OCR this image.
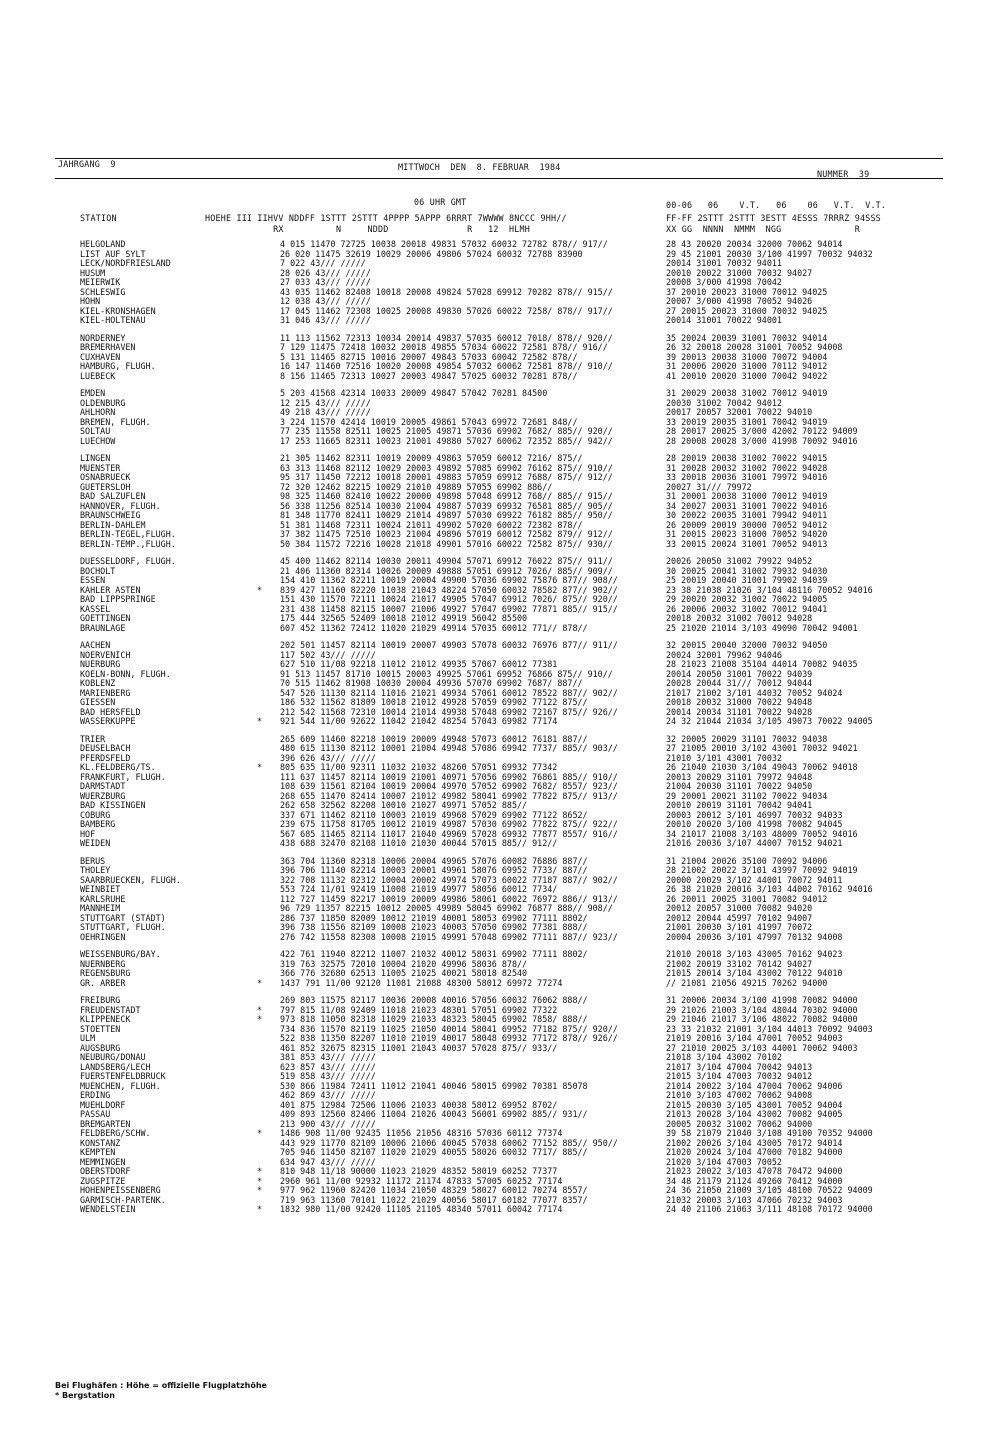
JAHRGANG  9	MITTWOCH  DEN  8. FEBRUAR  1984
NUMMER  39
06 UHR GMT
STATION	HOEHE III IIHVV NDDFF 1STTT 2STTT 4PPPP 5APPP 6RRRT 7WWWW 8NCCC 9HH//
RX          N     NDDD               R   12  HLMH
00-06   06    V.T.   06    06   V.T.  V.T.
FF-FF 2STTT 2STTT 3ESTT 4ESSS 7RRRZ 94SSS
XX GG  NNNN  NMMM  NGG              R
HELGOLAND	4 015 11470 72725 10038 20018 49831 57032 60032 72782 878// 917//	28 43 20020 20034 32000 70062 94014
LIST AUF SYLT	26 020 11475 32619 10029 20006 49806 57024 60032 72788 83900	29 45 21001 20030 3/100 41997 70032 94032
LECK/NORDFRIESLAND	7 022 43/// /////	20014 31001 70032 94011
HUSUM	28 026 43/// /////	20010 20022 31000 70032 94027
MEIERWIK	27 033 43/// /////	20008 3/000 41998 70042
SCHLESWIG	43 035 11462 82408 10018 20008 49824 57028 69912 70282 878// 915//	37 20010 20023 31000 70012 94025
HOHN	12 038 43/// /////	20007 3/000 41998 70052 94026
KIEL-KRONSHAGEN	17 045 11462 72308 10025 20008 49830 57026 60022 7258/ 878// 917//	27 20015 20023 31000 70032 94025
KIEL-HOLTENAU	31 046 43/// /////	20014 31001 70022 94001
NORDERNEY	11 113 11562 72313 10034 20014 49837 57035 60012 7018/ 878// 920//	35 20024 20039 31001 70032 94014
BREMERHAVEN	7 129 11475 72418 10032 20018 49855 57034 60022 72581 878// 916//	26 32 20018 20028 31001 70052 94008
CUXHAVEN	5 131 11465 82715 10016 20007 49843 57033 60042 72582 878//	39 20013 20038 31000 70072 94004
HAMBURG, FLUGH.	16 147 11460 72516 10020 20008 49854 57032 60062 72581 878// 910//	31 20006 20020 31000 70112 94012
LUEBECK	8 156 11465 72313 10027 20003 49847 57025 60032 70281 878//	41 20010 20020 31000 70042 94022
EMDEN	5 203 41568 42314 10033 20009 49847 57042 70281 84500	31 20029 20038 31002 70012 94019
OLDENBURG	12 215 43/// /////	20030 31002 70042 94012
AHLHORN	49 218 43/// /////	20017 20057 32001 70022 94010
BREMEN, FLUGH.	3 224 11570 42414 10019 20005 49861 57043 69972 72681 848//	33 20019 20035 31001 70042 94019
SOLTAU	77 235 11558 82511 10025 21005 49871 57036 69902 7682/ 885// 920//	28 20017 20025 3/000 42002 70122 94009
LUECHOW	17 253 11665 82311 10023 21001 49880 57027 60062 72352 885// 942//	28 20008 20028 3/000 41998 70092 94016
LINGEN	21 305 11462 82311 10019 20009 49863 57059 60012 7216/ 875//	28 20019 20038 31002 70022 94015
MUENSTER	63 313 11468 82112 10029 20003 49892 57085 69902 76162 875// 910//	31 20028 20032 31002 70022 94028
OSNABRUECK	95 317 11450 72212 10018 20001 49883 57059 69912 7688/ 875// 912//	33 20018 20036 31001 79972 94016
GUETERSLOH	72 320 12462 82215 10029 21010 49889 57055 69902 886//	20027 31/// 79972
BAD SALZUFLEN	98 325 11460 82410 10022 20000 49898 57048 69912 768// 885// 915//	31 20001 20038 31000 70012 94019
HANNOVER, FLUGH.	56 338 11256 82514 10030 21004 49887 57039 69932 76581 885// 905//	34 20027 20031 31001 70022 94016
BRAUNSCHWEIG	81 348 11770 82411 10029 21014 49897 57030 69922 76182 885// 950//	30 20022 20035 31001 79942 94011
BERLIN-DAHLEM	51 381 11468 72311 10024 21011 49902 57020 60022 72382 878//	26 20009 20019 30000 70052 94012
BERLIN-TEGEL,FLUGH.	37 382 11475 72510 10023 21004 49896 57019 60012 72582 879// 912//	31 20015 20023 31000 70052 94020
BERLIN-TEMP.,FLUGH.	50 384 11572 72216 10028 21018 49901 57016 60022 72582 875// 930//	33 20015 20024 31001 70052 94013
DUESSELDORF, FLUGH.	45 400 11462 82114 10030 20011 49904 57071 69912 76022 875// 911//	20026 20050 31002 79922 94052
BOCHOLT	21 406 11360 82314 10026 20009 49888 57051 69912 7026/ 885// 909//	30 20025 20041 31002 79932 94030
ESSEN	154 410 11362 82211 10019 20004 49900 57036 69902 75876 877// 908//	25 20019 20040 31001 79902 94039
KAHLER ASTEN	* 839 427 11160 82220 11038 21043 48224 57050 60032 78582 877// 902//	23 38 21038 21026 3/104 48116 70052 94016
BAD LIPPSPRINGE	151 430 11570 72111 10024 21017 49905 57047 69912 7026/ 875// 920//	29 20020 20032 31002 70022 94005
KASSEL	231 438 11458 82115 10007 21006 49927 57047 69902 77871 885// 915//	26 20006 20032 31002 70012 94041
GOETTINGEN	175 444 32565 52409 10018 21012 49919 56042 85500	20018 20032 31002 70012 94028
BRAUNLAGE	607 452 11362 72412 11020 21029 49914 57035 60012 771// 878//	25 21020 21014 3/103 49090 70042 94001
AACHEN	202 501 11457 82114 10019 20007 49903 57078 60032 76976 877// 911//	32 20015 20040 32000 70032 94050
NOERVENICH	117 502 43/// /////	20024 32001 79962 94046
NUERBURG	627 510 11/08 92218 11012 21012 49935 57067 60012 77381	28 21023 21008 35104 44014 70082 94035
KOELN-BONN, FLUGH.	91 513 11457 81710 10015 20003 49925 57061 69952 76866 875// 910//	20014 20050 31001 70022 94039
KOBLENZ	70 515 11462 81908 10030 20004 49936 57070 69902 7687/ 887//	20028 20044 31/// 70012 94044
MARIENBERG	547 526 11130 82114 11016 21021 49934 57061 60012 78522 887// 902//	21017 21002 3/101 44032 70052 94024
GIESSEN	186 532 11562 81809 10018 21012 49928 57059 69902 77122 875//	20018 20032 31000 70022 94048
BAD HERSFELD	212 542 11568 72310 10014 21014 49938 57048 69902 72167 875// 926//	20014 20034 31101 70022 94028
WASSERKUPPE	* 921 544 11/00 92622 11042 21042 48254 57043 69982 77174	24 32 21044 21034 3/105 49073 70022 94005
TRIER	265 609 11460 82218 10019 20009 49948 57073 60012 76181 887//	32 20005 20029 31101 70032 94038
DEUSELBACH	480 615 11130 82112 10001 21004 49948 57086 69942 7737/ 885// 903//	27 21005 20010 3/102 43001 70032 94021
PFERDSFELD	396 626 43/// /////	21010 3/101 43001 70032
KL.FELDBERG/TS.	* 805 635 11/00 92311 11032 21032 48260 57051 69932 77342	26 21040 21030 3/104 49043 70062 94018
FRANKFURT, FLUGH.	111 637 11457 82114 10019 21001 40971 57056 69902 76861 885// 910//	20013 20029 31101 79972 94048
DARMSTADT	108 639 11561 82104 10019 20004 49970 57052 69902 7682/ 8557/ 923//	21004 20030 31101 70022 94050
WUERZBURG	268 655 11470 82414 10007 21012 49982 58041 69902 77822 875// 913//	29 20001 20021 31102 70022 94034
BAD KISSINGEN	262 658 32562 82208 10010 21027 49971 57052 885//	20010 20019 31101 70042 94041
COBURG	337 671 11462 82110 10003 21019 49968 57029 69902 77122 8652/	20003 20012 3/101 46997 70032 94033
BAMBERG	239 675 11758 81705 10012 21019 49987 57030 69902 77822 875// 922//	20010 20020 3/100 41998 70082 94045
HOF	567 685 11465 82114 11017 21040 49969 57028 69932 77877 8557/ 916//	34 21017 21008 3/103 48009 70052 94016
WEIDEN	438 688 32470 82108 11010 21030 40044 57015 885// 912//	21016 20036 3/107 44007 70152 94021
BERUS	363 704 11360 82318 10006 20004 49965 57076 60082 76886 887//	31 21004 20026 35100 70092 94006
THOLEY	396 706 11140 82214 10003 20001 49961 58076 69952 7733/ 887//	28 21002 20022 3/101 43997 70092 94019
SAARBRUECKEN, FLUGH.	322 708 11132 82312 10004 20002 49974 57073 60022 77187 887// 902//	20000 20029 3/102 44001 70072 94011
WEINBIET	553 724 11/01 92419 11008 21019 49977 58056 60012 7734/	26 38 21020 20016 3/103 44002 70162 94016
KARLSRUHE	112 727 11459 82217 10019 20009 49986 58061 60022 76972 886// 913//	26 20011 20025 31001 70082 94012
MANNHEIM	96 729 11357 82215 10012 20005 49989 58045 69902 76877 888// 908//	20012 20057 31000 70082 94020
STUTTGART (STADT)	286 737 11850 82009 10012 21019 40001 58053 69902 77111 8802/	20012 20044 45997 70102 94007
STUTTGART, FLUGH.	396 738 11556 82109 10008 21023 40003 57050 69902 77381 888//	21001 20030 3/101 41997 70072
OEHRINGEN	276 742 11558 82308 10008 21015 49991 57048 69902 77111 887// 923//	20004 20036 3/101 47997 70132 94008
WEISSENBURG/BAY.	422 761 11940 82212 11007 21032 40012 58031 69902 77111 8802/	21010 20018 3/103 43005 70162 94023
NUERNBERG	319 763 32575 72010 10004 21020 49996 58036 878//	21002 20019 33102 70142 94027
REGENSBURG	366 776 32680 62513 11005 21025 40021 58018 82540	21015 20014 3/104 43002 70122 94010
GR. ARBER	* 1437 791 11/00 92120 11081 21088 48300 58012 69972 77274	// 21081 21056 49215 70262 94000
FREIBURG	269 803 11575 82117 10036 20008 40016 57056 60032 76062 888//	31 20006 20034 3/100 41998 70082 94000
FREUDENSTADT	* 797 815 11/08 92409 11018 21023 48301 57051 69902 77322	29 21026 21003 3/104 48044 70302 94000
KLIPPENECK	* 973 818 11050 82318 11029 21033 48323 58045 69902 7858/ 888//	29 21046 21017 3/106 48022 70082 94000
STOETTEN	734 836 11570 82119 11025 21050 40014 58041 69952 77182 875// 920//	23 33 21032 21001 3/104 44013 70092 94003
ULM	522 838 11350 82207 11010 21019 40017 58048 69932 77172 878// 926//	21019 20016 3/104 47001 70052 94003
AUGSBURG	461 852 32675 82315 11001 21043 40037 57028 875// 933//	27 21010 20025 3/103 44001 70062 94003
NEUBURG/DONAU	381 853 43/// /////	21018 3/104 43002 70102
LANDSBERG/LECH	623 857 43/// /////	21017 3/104 47004 70042 94013
FUERSTENFELDBRUCK	519 858 43/// /////	21015 3/104 47003 70032 94012
MUENCHEN, FLUGH.	530 866 11984 72411 11012 21041 40046 58015 69902 70381 85078	21014 20022 3/104 47004 70062 94006
ERDING	462 869 43/// /////	21010 3/103 47002 70062 94008
MUEHLDORF	401 875 12984 72506 11006 21033 40038 58012 69952 8702/	21015 20030 3/105 43001 70052 94004
PASSAU	409 893 12560 82406 11004 21026 40043 56001 69902 885// 931//	21013 20028 3/104 43002 70082 94005
BREMGARTEN	213 900 43/// /////	20005 20032 31002 70062 94000
FELDBERG/SCHW.	* 1486 908 11/00 92435 11056 21056 48316 57036 60112 77374	39 58 21079 21040 3/108 49100 70352 94000
KONSTANZ	443 929 11770 82109 10006 21006 40045 57038 60062 77152 885// 950//	21002 20026 3/104 43005 70172 94014
KEMPTEN	705 946 11450 82107 11020 21029 40055 58026 60032 7717/ 885//	21020 20024 3/104 47000 70182 94000
MEMMINGEN	634 947 43/// /////	21020 3/104 47003 70052
OBERSTDORF	* 810 948 11/18 90000 11023 21029 48352 58019 60252 77377	21023 20022 3/103 47078 70472 94000
ZUGSPITZE	* 2960 961 11/00 92932 11172 21174 47833 57005 60252 77174	34 48 21179 21124 49260 70412 94000
HOHENPEISSENBERG	* 977 962 11960 82420 11034 21050 48329 58027 60012 70274 8557/	24 36 21050 21009 3/105 48100 70522 94009
GARMISCH-PARTENK.	719 963 11360 70101 11022 21029 40056 58017 60182 77077 8357/	21032 20003 3/103 47066 70232 94003
WENDELSTEIN	* 1832 980 11/00 92420 11105 21105 48340 57011 60042 77174	24 40 21106 21063 3/111 48108 70172 94000
Bei Flughäfen : Höhe = offizielle Flugplatzhöhe
* Bergstation
